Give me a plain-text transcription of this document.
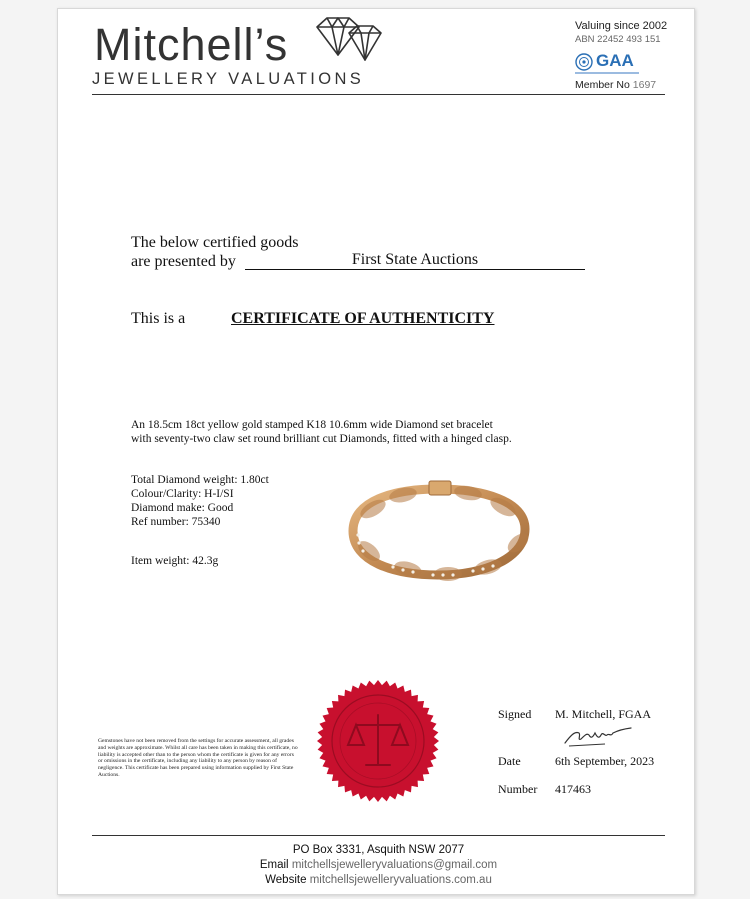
Mitchell’s
JEWELLERY VALUATIONS
Valuing since 2002
ABN 22452 493 151
GAA
Member No 1697
The below certified goods
are presented by	First State Auctions
This is a	CERTIFICATE OF AUTHENTICITY
An 18.5cm 18ct yellow gold stamped K18 10.6mm wide Diamond set bracelet
with seventy-two claw set round brilliant cut Diamonds, fitted with a hinged clasp.
Total Diamond weight: 1.80ct
Colour/Clarity: H-I/SI
Diamond make: Good
Ref number: 75340
Item weight: 42.3g
Gemstones have not been removed from the settings for accurate assessment, all grades and weights are approximate. Whilst all care has been taken in making this certificate, no liability is accepted other than to the person whom the certificate is given for any errors or omissions in the certificate, including any liability to any person by reason of negligence. This certificate has been prepared using information supplied by First State Auctions.
Signed M. Mitchell, FGAA
Date	6th September, 2023
Number 417463
PO Box 3331, Asquith NSW 2077
Email mitchellsjewelleryvaluations@gmail.com
Website mitchellsjewelleryvaluations.com.au
